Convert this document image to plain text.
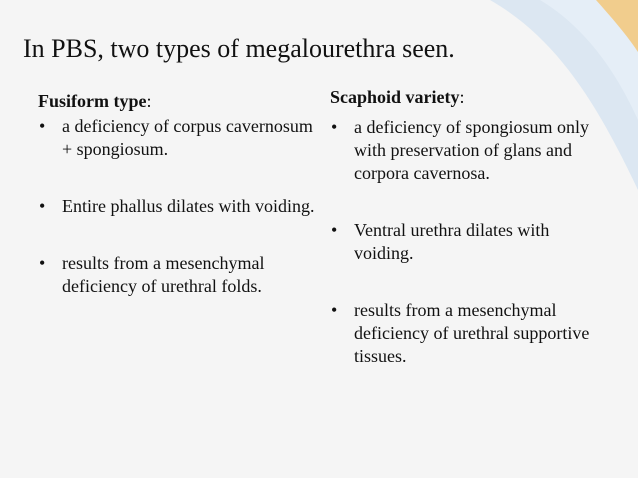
In PBS, two types of megalourethra seen.
Fusiform type:
• a deficiency of corpus cavernosum + spongiosum.
• Entire phallus dilates with voiding.
• results from a mesenchymal deficiency of urethral folds.
Scaphoid variety:
• a deficiency of spongiosum only with preservation of glans and corpora cavernosa.
• Ventral urethra dilates with voiding.
• results from a mesenchymal deficiency of urethral supportive tissues.
